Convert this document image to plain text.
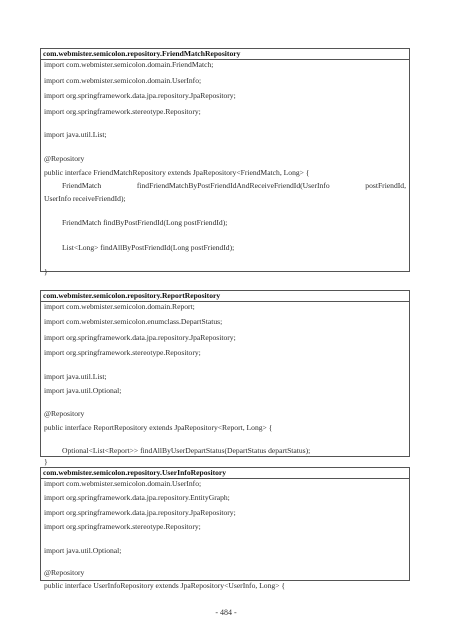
com.webmister.semicolon.repository.FriendMatchRepository
import com.webmister.semicolon.domain.FriendMatch;
import com.webmister.semicolon.domain.UserInfo;
import org.springframework.data.jpa.repository.JpaRepository;
import org.springframework.stereotype.Repository;
import java.util.List;
@Repository
public interface FriendMatchRepository extends JpaRepository<FriendMatch, Long> {
FriendMatch	findFriendMatchByPostFriendIdAndReceiveFriendId(UserInfo	postFriendId,
UserInfo receiveFriendId);
FriendMatch findByPostFriendId(Long postFriendId);
List<Long> findAllByPostFriendId(Long postFriendId);
}
com.webmister.semicolon.repository.ReportRepository
import com.webmister.semicolon.domain.Report;
import com.webmister.semicolon.enumclass.DepartStatus;
import org.springframework.data.jpa.repository.JpaRepository;
import org.springframework.stereotype.Repository;
import java.util.List;
import java.util.Optional;
@Repository
public interface ReportRepository extends JpaRepository<Report, Long> {
Optional<List<Report>> findAllByUserDepartStatus(DepartStatus departStatus);
}
com.webmister.semicolon.repository.UserInfoRepository
import com.webmister.semicolon.domain.UserInfo;
import org.springframework.data.jpa.repository.EntityGraph;
import org.springframework.data.jpa.repository.JpaRepository;
import org.springframework.stereotype.Repository;
import java.util.Optional;
@Repository
public interface UserInfoRepository extends JpaRepository<UserInfo, Long> {
- 484 -
